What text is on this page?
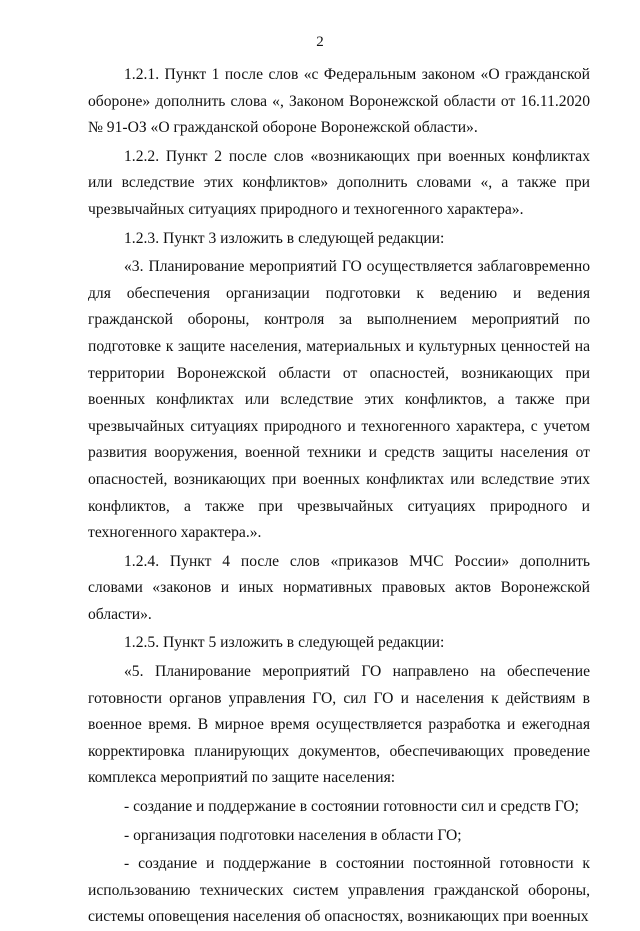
2

1.2.1. Пункт 1 после слов «с Федеральным законом «О гражданской обороне» дополнить слова «, Законом Воронежской области от 16.11.2020 № 91-ОЗ «О гражданской обороне Воронежской области».

1.2.2. Пункт 2 после слов «возникающих при военных конфликтах или вследствие этих конфликтов» дополнить словами «, а также при чрезвычайных ситуациях природного и техногенного характера».

1.2.3. Пункт 3 изложить в следующей редакции:

«3. Планирование мероприятий ГО осуществляется заблаговременно для обеспечения организации подготовки к ведению и ведения гражданской обороны, контроля за выполнением мероприятий по подготовке к защите населения, материальных и культурных ценностей на территории Воронежской области от опасностей, возникающих при военных конфликтах или вследствие этих конфликтов, а также при чрезвычайных ситуациях природного и техногенного характера, с учетом развития вооружения, военной техники и средств защиты населения от опасностей, возникающих при военных конфликтах или вследствие этих конфликтов, а также при чрезвычайных ситуациях природного и техногенного характера.».

1.2.4. Пункт 4 после слов «приказов МЧС России» дополнить словами «законов и иных нормативных правовых актов Воронежской области».

1.2.5. Пункт 5 изложить в следующей редакции:

«5. Планирование мероприятий ГО направлено на обеспечение готовности органов управления ГО, сил ГО и населения к действиям в военное время. В мирное время осуществляется разработка и ежегодная корректировка планирующих документов, обеспечивающих проведение комплекса мероприятий по защите населения:

- создание и поддержание в состоянии готовности сил и средств ГО;

- организация подготовки населения в области ГО;

- создание и поддержание в состоянии постоянной готовности к использованию технических систем управления гражданской обороны, системы оповещения населения об опасностях, возникающих при военных
